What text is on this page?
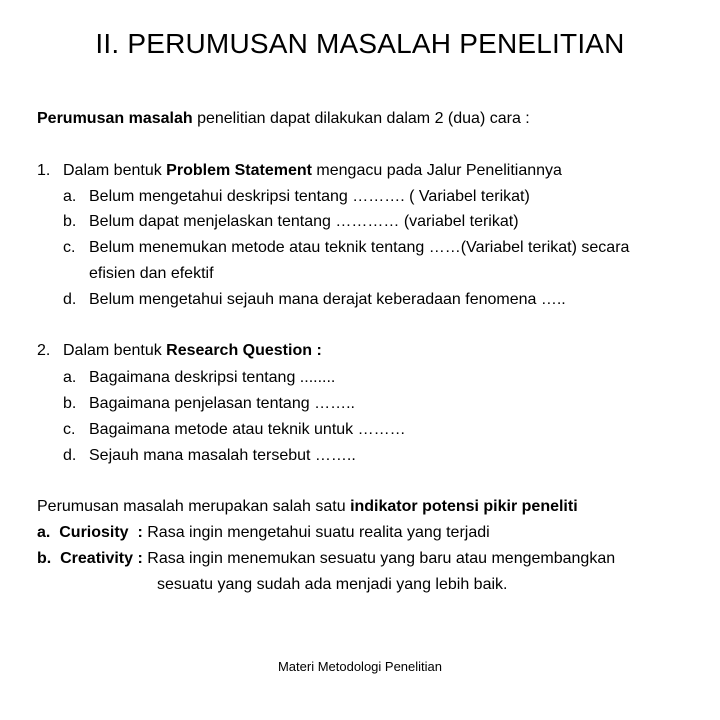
II. PERUMUSAN MASALAH PENELITIAN
Perumusan masalah penelitian dapat dilakukan dalam 2 (dua) cara :
1. Dalam bentuk Problem Statement mengacu pada Jalur Penelitiannya
a. Belum mengetahui deskripsi tentang ………. ( Variabel terikat)
b. Belum dapat menjelaskan tentang ………… (variabel terikat)
c. Belum menemukan metode atau teknik tentang ……(Variabel terikat) secara
efisien dan efektif
d. Belum mengetahui sejauh mana derajat keberadaan fenomena …..
2. Dalam bentuk Research Question :
a. Bagaimana deskripsi tentang ........
b. Bagaimana penjelasan tentang ……..
c. Bagaimana metode atau teknik untuk ………
d. Sejauh mana masalah tersebut ……..
Perumusan masalah merupakan salah satu indikator potensi pikir peneliti
a.  Curiosity  : Rasa ingin mengetahui suatu realita yang terjadi
b.  Creativity : Rasa ingin menemukan sesuatu yang baru atau mengembangkan
sesuatu yang sudah ada menjadi yang lebih baik.
Materi Metodologi Penelitian
